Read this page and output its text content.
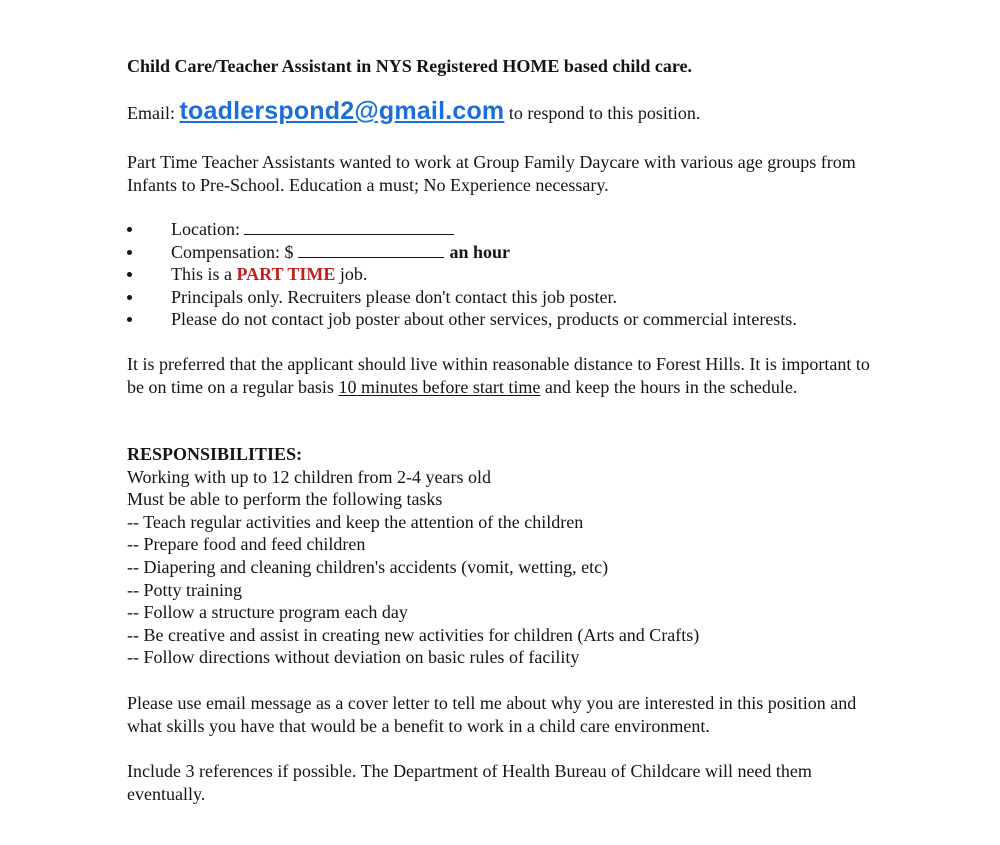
Child Care/Teacher Assistant in NYS Registered HOME based child care.

Email: toadlerspond2@gmail.com to respond to this position.
Part Time Teacher Assistants wanted to work at Group Family Daycare with various age groups from Infants to Pre-School. Education a must; No Experience necessary.
Location:
Compensation: $	an hour
This is a PART TIME job.
Principals only. Recruiters please don't contact this job poster.
Please do not contact job poster about other services, products or commercial interests.
It is preferred that the applicant should live within reasonable distance to Forest Hills. It is important to be on time on a regular basis 10 minutes before start time and keep the hours in the schedule.
RESPONSIBILITIES:
Working with up to 12 children from 2-4 years old
Must be able to perform the following tasks
-- Teach regular activities and keep the attention of the children
-- Prepare food and feed children
-- Diapering and cleaning children's accidents (vomit, wetting, etc)
-- Potty training
-- Follow a structure program each day
-- Be creative and assist in creating new activities for children (Arts and Crafts)
-- Follow directions without deviation on basic rules of facility
Please use email message as a cover letter to tell me about why you are interested in this position and what skills you have that would be a benefit to work in a child care environment.
Include 3 references if possible. The Department of Health Bureau of Childcare will need them eventually.
